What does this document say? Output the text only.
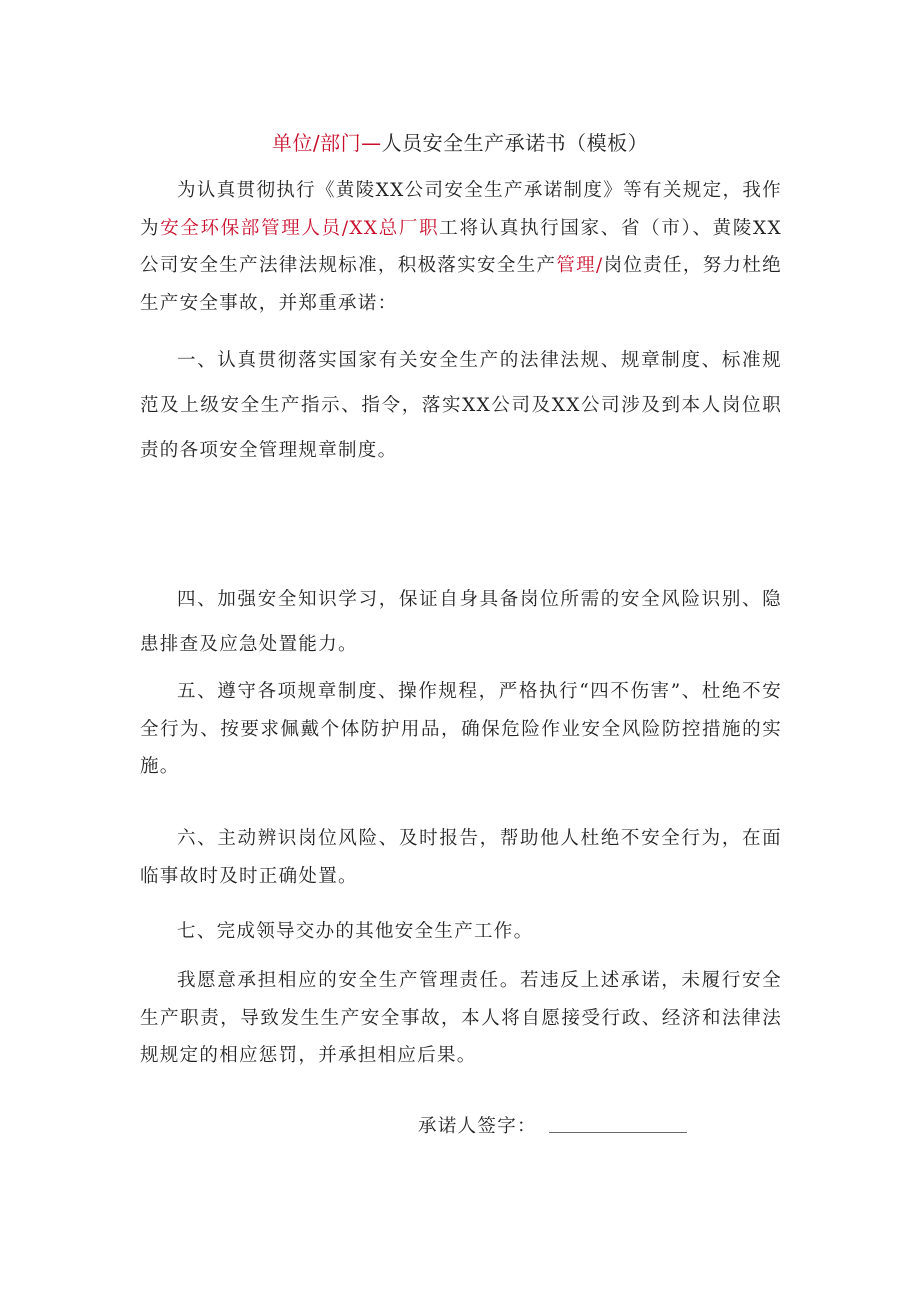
单位/部门—人员安全生产承诺书（模板）

为认真贯彻执行《黄陵XX公司安全生产承诺制度》等有关规定，我作为安全环保部管理人员/XX总厂职工将认真执行国家、省（市）、黄陵XX公司安全生产法律法规标准，积极落实安全生产管理/岗位责任，努力杜绝生产安全事故，并郑重承诺：

一、认真贯彻落实国家有关安全生产的法律法规、规章制度、标准规范及上级安全生产指示、指令，落实XX公司及XX公司涉及到本人岗位职责的各项安全管理规章制度。

四、加强安全知识学习，保证自身具备岗位所需的安全风险识别、隐患排查及应急处置能力。

五、遵守各项规章制度、操作规程，严格执行“四不伤害”、杜绝不安全行为、按要求佩戴个体防护用品，确保危险作业安全风险防控措施的实施。

六、主动辨识岗位风险、及时报告，帮助他人杜绝不安全行为，在面临事故时及时正确处置。

七、完成领导交办的其他安全生产工作。

我愿意承担相应的安全生产管理责任。若违反上述承诺，未履行安全生产职责，导致发生生产安全事故，本人将自愿接受行政、经济和法律法规规定的相应惩罚，并承担相应后果。

承诺人签字：
